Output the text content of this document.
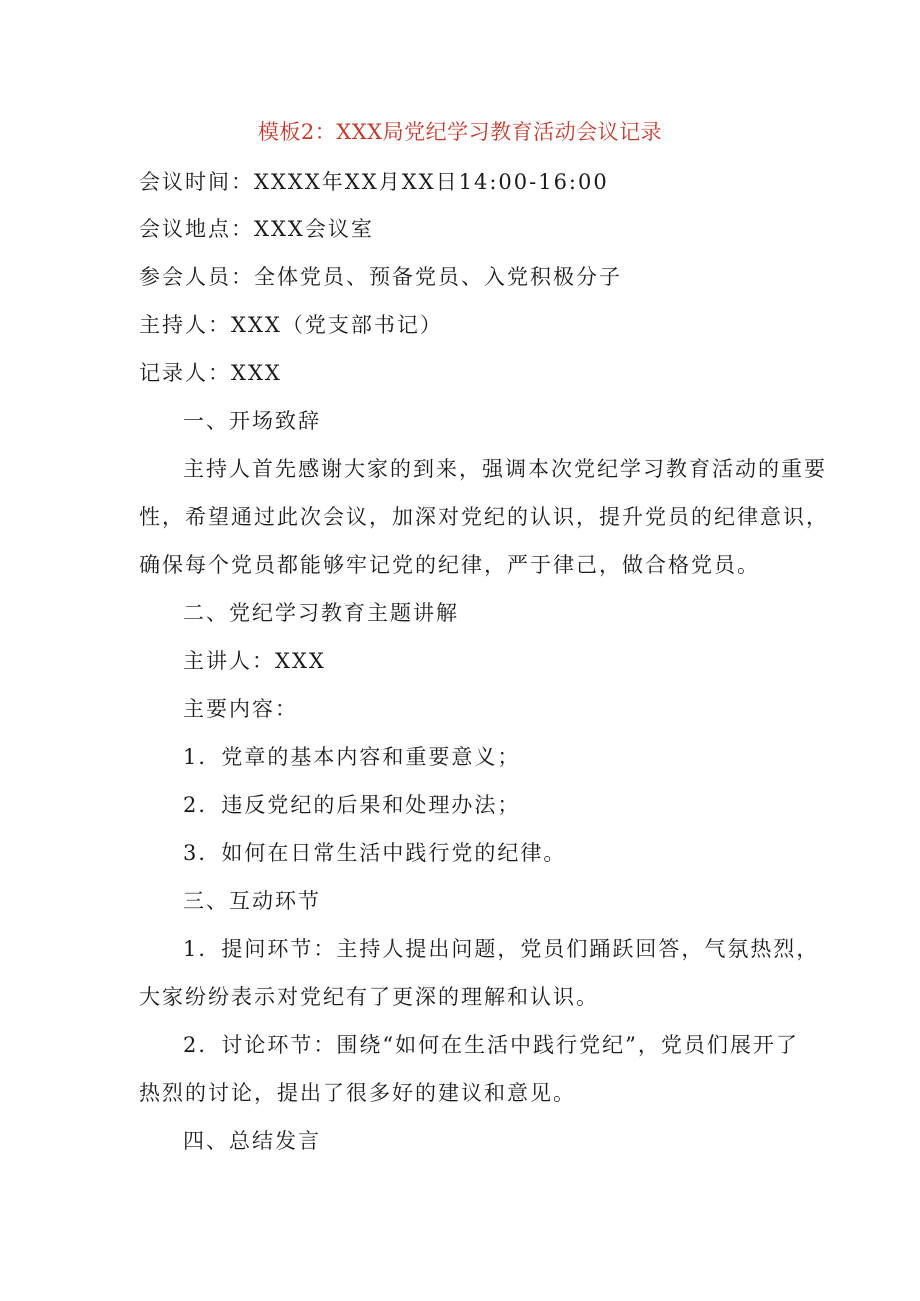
模板2：XXX局党纪学习教育活动会议记录
会议时间：XXXX年XX月XX日14:00-16:00
会议地点：XXX会议室
参会人员：全体党员、预备党员、入党积极分子
主持人：XXX（党支部书记）
记录人：XXX
一、开场致辞
主持人首先感谢大家的到来，强调本次党纪学习教育活动的重要
性，希望通过此次会议，加深对党纪的认识，提升党员的纪律意识，
确保每个党员都能够牢记党的纪律，严于律己，做合格党员。
二、党纪学习教育主题讲解
主讲人：XXX
主要内容：
1．党章的基本内容和重要意义；
2．违反党纪的后果和处理办法；
3．如何在日常生活中践行党的纪律。
三、互动环节
1．提问环节：主持人提出问题，党员们踊跃回答，气氛热烈，
大家纷纷表示对党纪有了更深的理解和认识。
2．讨论环节：围绕“如何在生活中践行党纪”，党员们展开了
热烈的讨论，提出了很多好的建议和意见。
四、总结发言
